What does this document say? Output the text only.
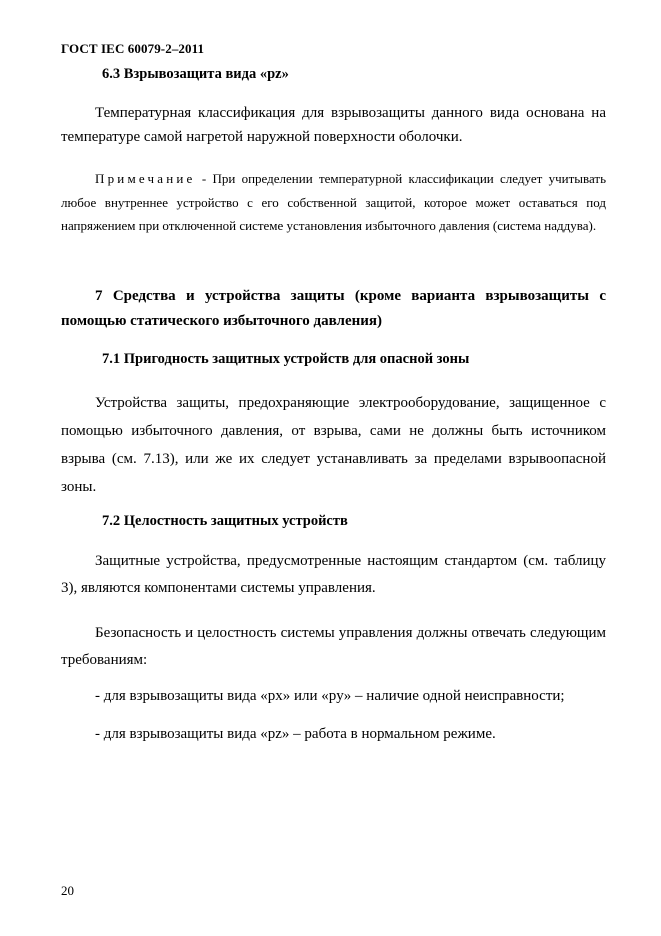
ГОСТ IEC 60079-2–2011
6.3 Взрывозащита вида «pz»
Температурная классификация для взрывозащиты данного вида основана на температуре самой нагретой наружной поверхности оболочки.
Примечание - При определении температурной классификации следует учитывать любое внутреннее устройство с его собственной защитой, которое может оставаться под напряжением при отключенной системе установления избыточного давления (система наддува).
7 Средства и устройства защиты (кроме варианта взрывозащиты с помощью статического избыточного давления)
7.1 Пригодность защитных устройств для опасной зоны
Устройства защиты, предохраняющие электрооборудование, защищенное с помощью избыточного давления, от взрыва, сами не должны быть источником взрыва (см. 7.13), или же их следует устанавливать за пределами взрывоопасной зоны.
7.2 Целостность защитных устройств
Защитные устройства, предусмотренные настоящим стандартом (см. таблицу 3), являются компонентами системы управления.
Безопасность и целостность системы управления должны отвечать следующим требованиям:
- для взрывозащиты вида «px» или «py» – наличие одной неисправности;
- для взрывозащиты вида «pz» – работа в нормальном режиме.
20
